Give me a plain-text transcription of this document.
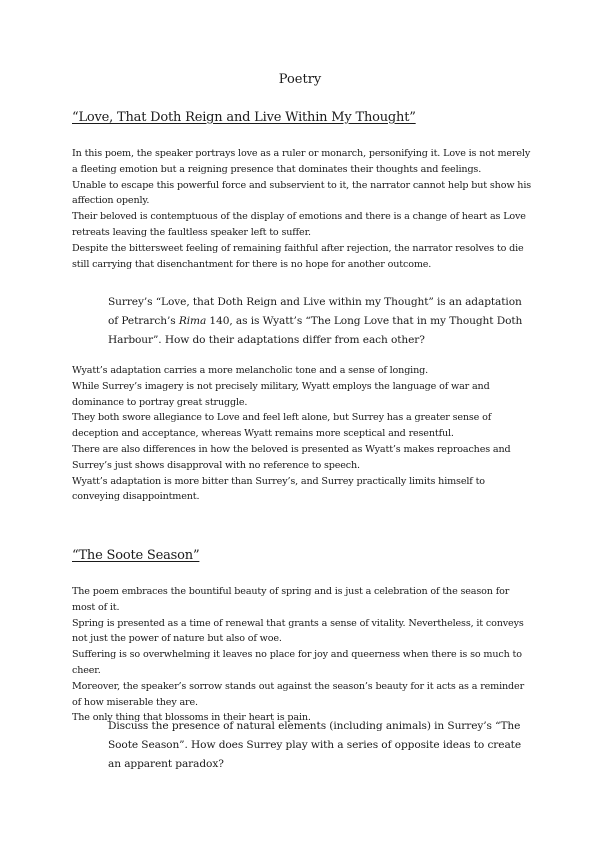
Poetry
“Love, That Doth Reign and Live Within My Thought”

In this poem, the speaker portrays love as a ruler or monarch, personifying it. Love is not merely a fleeting emotion but a reigning presence that dominates their thoughts and feelings.

Unable to escape this powerful force and subservient to it, the narrator cannot help but show his affection openly.

Their beloved is contemptuous of the display of emotions and there is a change of heart as Love retreats leaving the faultless speaker left to suffer.

Despite the bittersweet feeling of remaining faithful after rejection, the narrator resolves to die still carrying that disenchantment for there is no hope for another outcome.

Surrey’s “Love, that Doth Reign and Live within my Thought” is an adaptation of Petrarch’s Rima 140, as is Wyatt’s “The Long Love that in my Thought Doth Harbour”. How do their adaptations differ from each other?

Wyatt’s adaptation carries a more melancholic tone and a sense of longing.

While Surrey’s imagery is not precisely military, Wyatt employs the language of war and dominance to portray great struggle.

They both swore allegiance to Love and feel left alone, but Surrey has a greater sense of deception and acceptance, whereas Wyatt remains more sceptical and resentful.

There are also differences in how the beloved is presented as Wyatt’s makes reproaches and Surrey’s just shows disapproval with no reference to speech.

Wyatt’s adaptation is more bitter than Surrey’s, and Surrey practically limits himself to conveying disappointment.

“The Soote Season”

The poem embraces the bountiful beauty of spring and is just a celebration of the season for most of it.

Spring is presented as a time of renewal that grants a sense of vitality. Nevertheless, it conveys not just the power of nature but also of woe.

Suffering is so overwhelming it leaves no place for joy and queerness when there is so much to cheer.

Moreover, the speaker’s sorrow stands out against the season’s beauty for it acts as a reminder of how miserable they are.

The only thing that blossoms in their heart is pain.

Discuss the presence of natural elements (including animals) in Surrey’s “The Soote Season”. How does Surrey play with a series of opposite ideas to create an apparent paradox?
